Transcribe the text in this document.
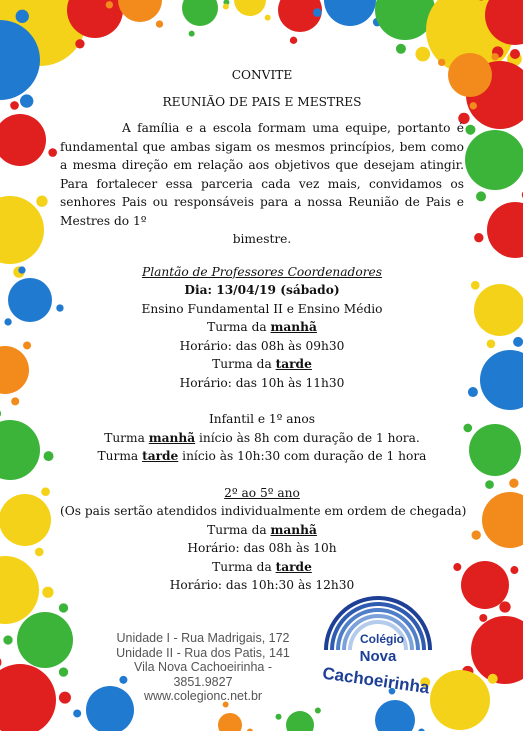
CONVITE
REUNIÃO DE PAIS E MESTRES
A família e a escola formam uma equipe, portanto é fundamental que ambas sigam os mesmos princípios, bem como a mesma direção em relação aos objetivos que desejam atingir. Para fortalecer essa parceria cada vez mais, convidamos os senhores Pais ou responsáveis para a nossa Reunião de Pais e Mestres do 1º
bimestre.
Plantão de Professores Coordenadores
Dia: 13/04/19 (sábado)
Ensino Fundamental II e Ensino Médio
Turma da manhã
Horário: das 08h às 09h30
Turma da tarde
Horário: das 10h às 11h30
Infantil e 1º anos
Turma manhã início às 8h com duração de 1 hora.
Turma tarde início às 10h:30 com duração de 1 hora
2º ao 5º ano
(Os pais sertão atendidos individualmente em ordem de chegada)
Turma da manhã
Horário: das 08h às 10h
Turma da tarde
Horário: das 10h:30 às 12h30
Unidade I - Rua Madrigais, 172
Unidade II - Rua dos Patis, 141
Vila Nova Cachoeirinha - 3851.9827
www.colegionc.net.br
Colégio
Nova
Cachoeirinha
